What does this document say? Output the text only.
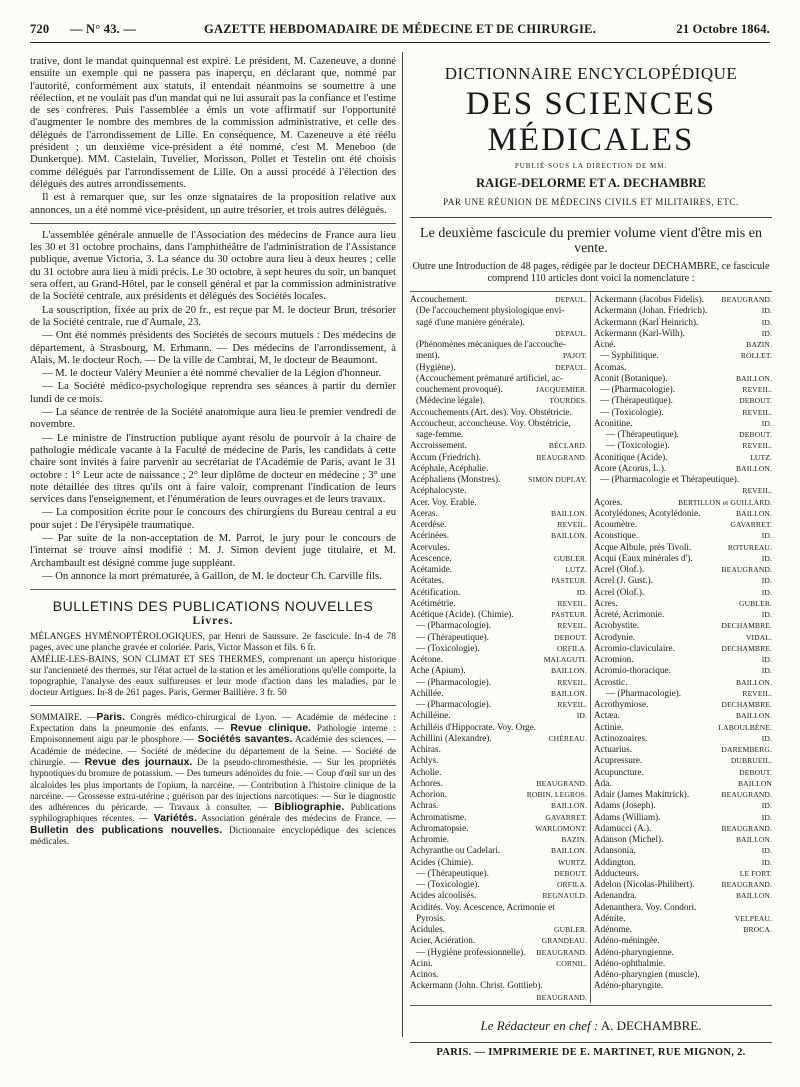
720	— N° 43. —	GAZETTE HEBDOMADAIRE DE MÉDECINE ET DE CHIRURGIE.	21 Octobre 1864.

trative, dont le mandat quinquennal est expiré. Le président, M. Cazeneuve, a donné ensuite un exemple qui ne passera pas inaperçu, en déclarant que, nommé par l'autorité, conformément aux statuts, il entendait néanmoins se soumettre à une réélection, et ne voulait pas d'un mandat qui ne lui assurait pas la confiance et l'estime de ses confrères. Puis l'assemblée a émis un vote affirmatif sur l'opportunité d'augmenter le nombre des membres de la commission administrative, et celle des délégués de l'arrondissement de Lille. En conséquence, M. Cazeneuve a été réélu président ; un deuxième vice-président a été nommé, c'est M. Meneboo (de Dunkerque). MM. Castelain, Tuvelier, Morisson, Pollet et Testelin ont été choisis comme délégués par l'arrondissement de Lille. On a aussi procédé à l'élection des délégués des autres arrondissements.

Il est à remarquer que, sur les onze signataires de la proposition relative aux annonces, un a été nommé vice-président, un autre trésorier, et trois autres délégués.

L'assemblée générale annuelle de l'Association des médecins de France aura lieu les 30 et 31 octobre prochains, dans l'amphithéâtre de l'administration de l'Assistance publique, avenue Victoria, 3. La séance du 30 octobre aura lieu à deux heures ; celle du 31 octobre aura lieu à midi précis. Le 30 octobre, à sept heures du soir, un banquet sera offert, au Grand-Hôtel, par le conseil général et par la commission administrative de la Société centrale, aux présidents et délégués des Sociétés locales.

La souscription, fixée au prix de 20 fr., est reçue par M. le docteur Brun, trésorier de la Société centrale, rue d'Aumale, 23.

— Ont été nommés présidents des Sociétés de secours mutuels : Des médecins de département, à Strasbourg, M. Erhmann. — Des médecins de l'arrondissement, à Alais, M. le docteur Roch. — De la ville de Cambrai, M, le docteur de Beaumont.

— M. le docteur Valéry Meunier a été nommé chevalier de la Légion d'honneur.

— La Société médico-psychologique reprendra ses séances à partir du dernier lundi de ce mois.

— La séance de rentrée de la Société anatomique aura lieu le premier vendredi de novembre.

— Le ministre de l'instruction publique ayant résolu de pourvoir à la chaire de pathologie médicale vacante à la Faculté de médecine de Paris, les candidats à cette chaire sont invités à faire parvenir au secrétariat de l'Académie de Paris, avant le 31 octobre : 1° Leur acte de naissance ; 2° leur diplôme de docteur en médecine ; 3° une note détaillée des titres qu'ils ont à faire valoir, comprenant l'indication de leurs services dans l'enseignement, et l'énumération de leurs ouvrages et de leurs travaux.

— La composition écrite pour le concours des chirurgiens du Bureau central a eu pour sujet : De l'érysipèle traumatique.

— Par suite de la non-acceptation de M. Parrot, le jury pour le concours de l'internat se trouve ainsi modifié : M. J. Simon devient juge titulaire, et M. Archambault est désigné comme juge suppléant.

— On annonce la mort prématurée, à Gaillon, de M. le docteur Ch. Carville fils.

BULLETINS DES PUBLICATIONS NOUVELLES
Livres.

MÉLANGES HYMÉNOPTÉROLOGIQUES, par Henri de Saussure. 2e fascicule. In-4 de 78 pages, avec une planche gravée et coloriée. Paris, Victor Masson et fils. 6 fr.

AMÉLIE-LES-BAINS, SON CLIMAT ET SES THERMES, comprenant un aperçu historique sur l'ancienneté des thermes, sur l'état actuel de la station et les améliorations qu'elle comporte, la topographie, l'analyse des eaux sulfureuses et leur mode d'action dans les maladies, par le docteur Artigues. In-8 de 261 pages. Paris, Germer Baillière. 3 fr. 50

SOMMAIRE. —Paris. Congrès médico-chirurgical de Lyon. — Académie de médecine : Expectation dans la pneumonie des enfants. — Revue clinique. Pathologie interne : Empoisonnement aigu par le phosphore. — Sociétés savantes. Académie des sciences. — Académie de médecine. — Société de médecine du département de la Seine. — Société de chirurgie. — Revue des journaux. De la pseudo-chromesthésie. — Sur les propriétés hypnotiques du bromure de potassium. — Des tumeurs adénoïdes du foie. — Coup d'œil sur un des alcaloïdes les plus importants de l'opium, la narcéine. — Contribution à l'histoire clinique de la narcéine. — Grossesse extra-utérine ; guérison par des injections narcotiques. — Sur le diagnostic des adhérences du péricarde. — Travaux à consulter. — Bibliographie. Publications syphilographiques récentes. — Variétés. Association générale des médecins de France. — Bulletin des publications nouvelles. Dictionnaire encyclopédique des sciences médicales.

DICTIONNAIRE ENCYCLOPÉDIQUE
DES SCIENCES MÉDICALES
PUBLIÉ SOUS LA DIRECTION DE MM.
RAIGE-DELORME ET A. DECHAMBRE
PAR UNE RÉUNION DE MÉDECINS CIVILS ET MILITAIRES, ETC.
Le deuxième fascicule du premier volume vient d'être mis en vente.
Outre une Introduction de 48 pages, rédigée par le docteur DECHAMBRE, ce fascicule comprend 110 articles dont voici la nomenclature :
Accouchement.	DEPAUL.
(De l'accouchement physiologique envi-
sagé d'une manière générale).
DEPAUL.
(Phénomènes mécaniques de l'accouche-
ment).	PAJOT.
(Hygiène).	DEPAUL.
(Accouchement prématuré artificiel, ac-
couchement provoqué).	JACQUEMIER.
(Médecine légale).	TOURDES.
Accouchements (Art. des). Voy. Obstétricie.
Accoucheur, accoucheuse. Voy. Obstétricie,
sage-femme.
Accroissement.	BÉCLARD.
Accum (Friedrich).	BEAUGRAND.
Acéphale, Acéphalie.
Acéphaliens (Monstres).	SIMON DUPLAY.
Acéphalocyste.
Acer. Voy. Erable.
Aceras.	BAILLON.
Acerdèse.	REVEIL.
Acérinées.	BAILLON.
Acervules.
Acescence.	GUBLER.
Acétamide.	LUTZ.
Acétates.	PASTEUR.
Acétification.	ID.
Acétimétrie.	REVEIL.
Acétique (Acide). (Chimie).	PASTEUR.
— (Pharmacologie).	REVEIL.
— (Thérapeutique).	DEBOUT.
— (Toxicologie).	ORFILA.
Acétone.	MALAGUTI.
Ache (Apium).	BAILLON.
— (Pharmacologie).	REVEIL.
Achillée.	BAILLON.
— (Pharmacologie).	REVEIL.
Achilléine.	ID.
Achilléis d'Hippocrate. Voy. Orge.
Achillini (Alexandre).	CHÉREAU.
Achiras.
Achlys.
Acholie.
Achores.	BEAUGRAND.
Achorion.	ROBIN, LEGROS.
Achras.	BAILLON.
Achromatisme.	GAVARRET.
Achromatopsie.	WARLOMONT.
Achromie.	BAZIN.
Achyranthe ou Cadelari.	BAILLON.
Acides (Chimie).	WURTZ.
— (Thérapeutique).	DEBOUT.
— (Toxicologie).	ORFILA.
Acides alcoolisés.	REGNAULD.
Acidités. Voy. Acescence, Acrimonie et
Pyrosis.
Acidules.	GUBLER.
Acier, Aciération.	GRANDEAU.
— (Hygiène professionnelle).	BEAUGRAND.
Acini.	CORNIL.
Acinos.
Ackermann (John. Christ. Gottlieb).
BEAUGRAND.
Ackermann (Jacobus Fidelis).	BEAUGRAND.
Ackermann (Johan. Friedrich).	ID.
Ackermann (Karl Heinrich).	ID.
Ackermann (Karl-Wilh).	ID.
Acné.	BAZIN.
— Syphilitique.	ROLLET.
Acomas.
Aconit (Botanique).	BAILLON.
— (Pharmacologie).	REVEIL.
— (Thérapeutique).	DEBOUT.
— (Toxicologie).	REVEIL.
Aconitine.	ID.
— (Thérapeutique).	DEBOUT.
— (Toxicologie).	REVEIL.
Aconitique (Acide).	LUTZ.
Acore (Acorus, L.).	BAILLON.
— (Pharmacologie et Thérapeutique).
REVEIL.
Açores.	BERTILLON et GUILLARD.
Acotylédones, Acotylédonie.	BAILLON.
Acoumètre.	GAVARRET.
Acoustique.	ID.
Acque Albule, près Tivoli.	ROTUREAU.
Acqui (Eaux minérales d').	ID.
Acrel (Olof.).	BEAUGRAND.
Acrel (J. Gust.).	ID.
Acrel (Olof.).	ID.
Acres.	GUBLER.
Âcreté, Acrimonie.	ID.
Acrobystite.	DECHAMBRE.
Acrodynie.	VIDAL.
Acromio-claviculaire.	DECHAMBRE.
Acromion.	ID.
Acromio-thoracique.	ID.
Acrostic.	BAILLON.
— (Pharmacologie).	REVEIL.
Acrothymiose.	DECHAMBRE.
Actæa.	BAILLON.
Actinie.	LABOULBÈNE.
Actinozoaires.	ID.
Actuarius.	DAREMBERG.
Acupressure.	DUBRUEIL.
Acupuncture.	DEBOUT.
Ada.	BAILLON
Adair (James Makittrick).	BEAUGRAND.
Adams (Joseph).	ID.
Adams (William).	ID.
Adamucci (A.).	BEAUGRAND.
Adanson (Michel).	BAILLON.
Adansonia.	ID.
Addington.	ID.
Adducteurs.	LE FORT.
Adelon (Nicolas-Philibert).	BEAUGRAND.
Adenandra.	BAILLON.
Adenanthera. Voy. Condori.
Adénite.	VELPEAU.
Adénome.	BROCA.
Adéno-méningée.
Adéno-pharyngienne.
Adéno-ophthalmie.
Adéno-pharyngien (muscle).
Adéno-pharyngite.
Le Rédacteur en chef : A. DECHAMBRE.
PARIS. — IMPRIMERIE DE E. MARTINET, RUE MIGNON, 2.
